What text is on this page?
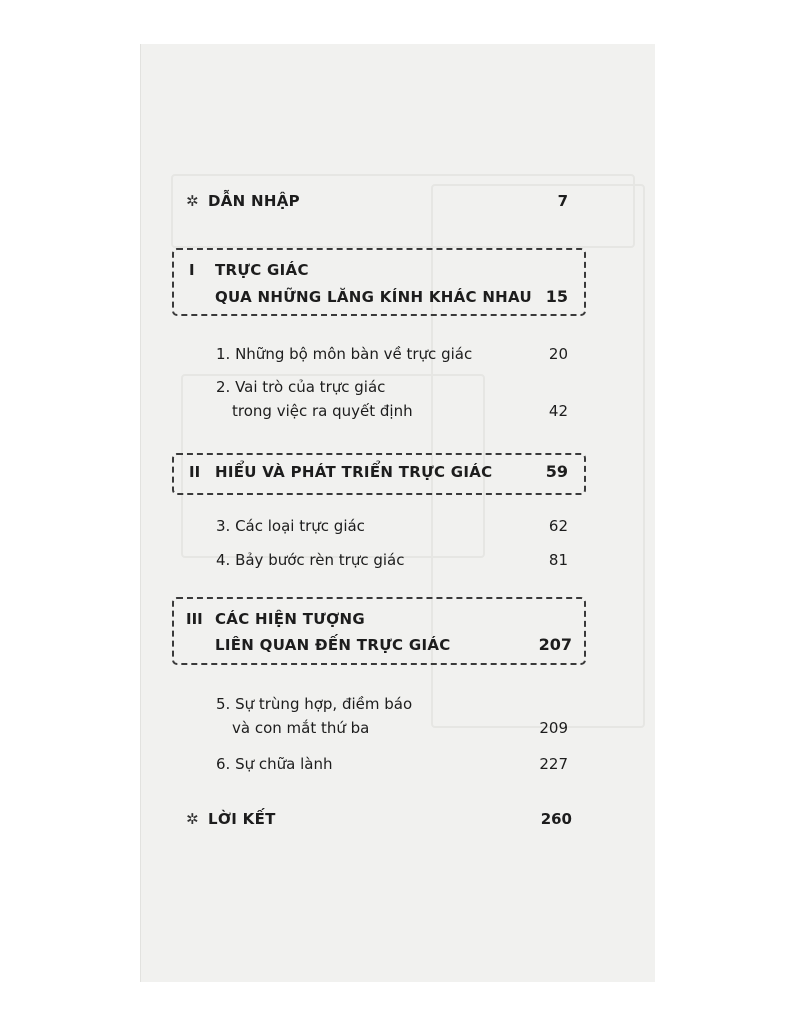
✲ DẪN NHẬP	7
I TRỰC GIÁC
QUA NHỮNG LĂNG KÍNH KHÁC NHAU 15
1. Những bộ môn bàn về trực giác	20
2. Vai trò của trực giác
trong việc ra quyết định	42
II HIỂU VÀ PHÁT TRIỂN TRỰC GIÁC	59
3. Các loại trực giác	62
4. Bảy bước rèn trực giác	81
III CÁC HIỆN TƯỢNG
LIÊN QUAN ĐẾN TRỰC GIÁC	207
5. Sự trùng hợp, điềm báo
và con mắt thứ ba	209
6. Sự chữa lành	227
✲ LỜI KẾT	260
